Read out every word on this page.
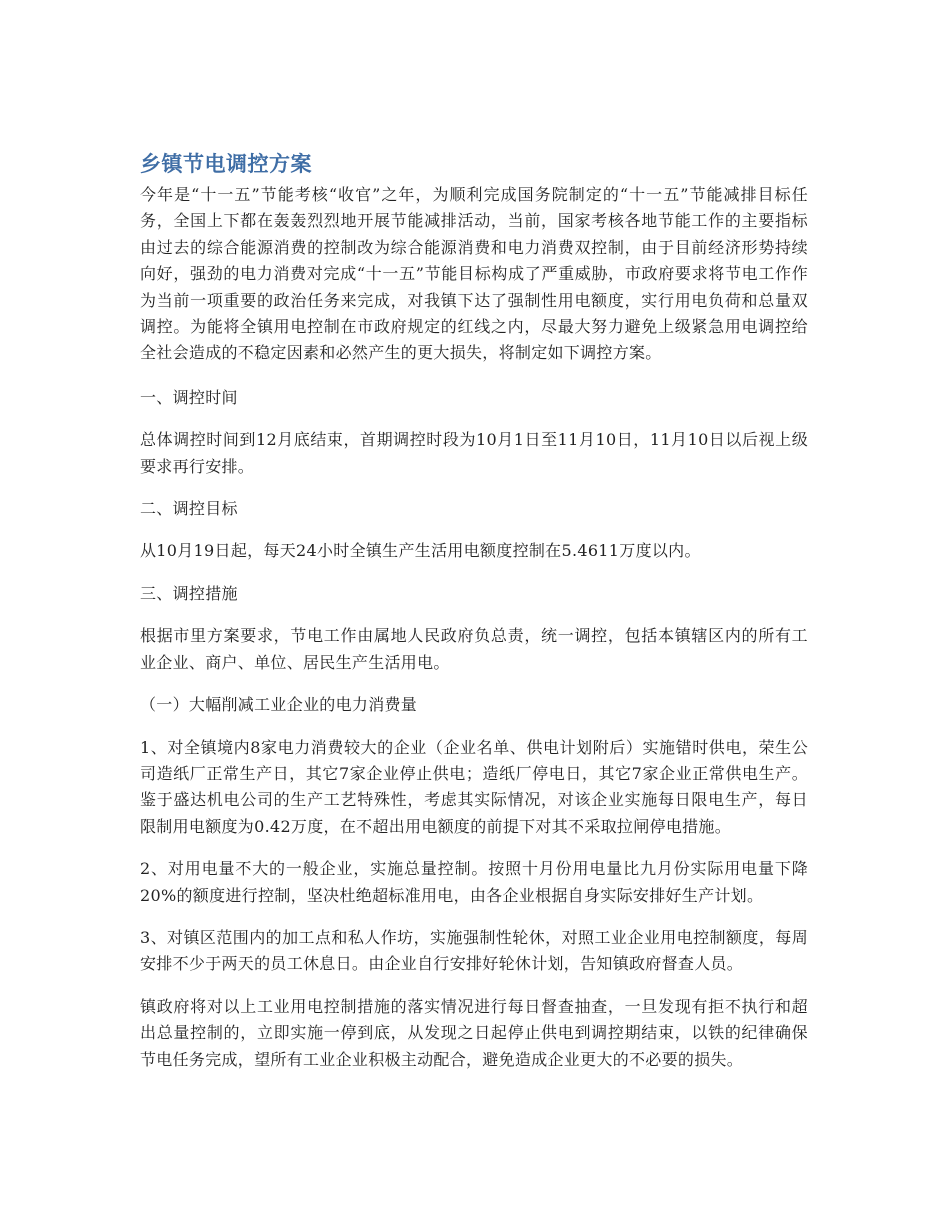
乡镇节电调控方案

今年是“十一五”节能考核“收官”之年，为顺利完成国务院制定的“十一五”节能减排目标任务，全国上下都在轰轰烈烈地开展节能减排活动，当前，国家考核各地节能工作的主要指标由过去的综合能源消费的控制改为综合能源消费和电力消费双控制，由于目前经济形势持续向好，强劲的电力消费对完成“十一五”节能目标构成了严重威胁，市政府要求将节电工作作为当前一项重要的政治任务来完成，对我镇下达了强制性用电额度，实行用电负荷和总量双调控。为能将全镇用电控制在市政府规定的红线之内，尽最大努力避免上级紧急用电调控给全社会造成的不稳定因素和必然产生的更大损失，将制定如下调控方案。

一、调控时间

总体调控时间到12月底结束，首期调控时段为10月1日至11月10日，11月10日以后视上级要求再行安排。

二、调控目标

从10月19日起，每天24小时全镇生产生活用电额度控制在5.4611万度以内。

三、调控措施

根据市里方案要求，节电工作由属地人民政府负总责，统一调控，包括本镇辖区内的所有工业企业、商户、单位、居民生产生活用电。

（一）大幅削减工业企业的电力消费量

1、对全镇境内8家电力消费较大的企业（企业名单、供电计划附后）实施错时供电，荣生公司造纸厂正常生产日，其它7家企业停止供电；造纸厂停电日，其它7家企业正常供电生产。鉴于盛达机电公司的生产工艺特殊性，考虑其实际情况，对该企业实施每日限电生产，每日限制用电额度为0.42万度，在不超出用电额度的前提下对其不采取拉闸停电措施。

2、对用电量不大的一般企业，实施总量控制。按照十月份用电量比九月份实际用电量下降20%的额度进行控制，坚决杜绝超标准用电，由各企业根据自身实际安排好生产计划。

3、对镇区范围内的加工点和私人作坊，实施强制性轮休，对照工业企业用电控制额度，每周安排不少于两天的员工休息日。由企业自行安排好轮休计划，告知镇政府督查人员。

镇政府将对以上工业用电控制措施的落实情况进行每日督查抽查，一旦发现有拒不执行和超出总量控制的，立即实施一停到底，从发现之日起停止供电到调控期结束，以铁的纪律确保节电任务完成，望所有工业企业积极主动配合，避免造成企业更大的不必要的损失。
